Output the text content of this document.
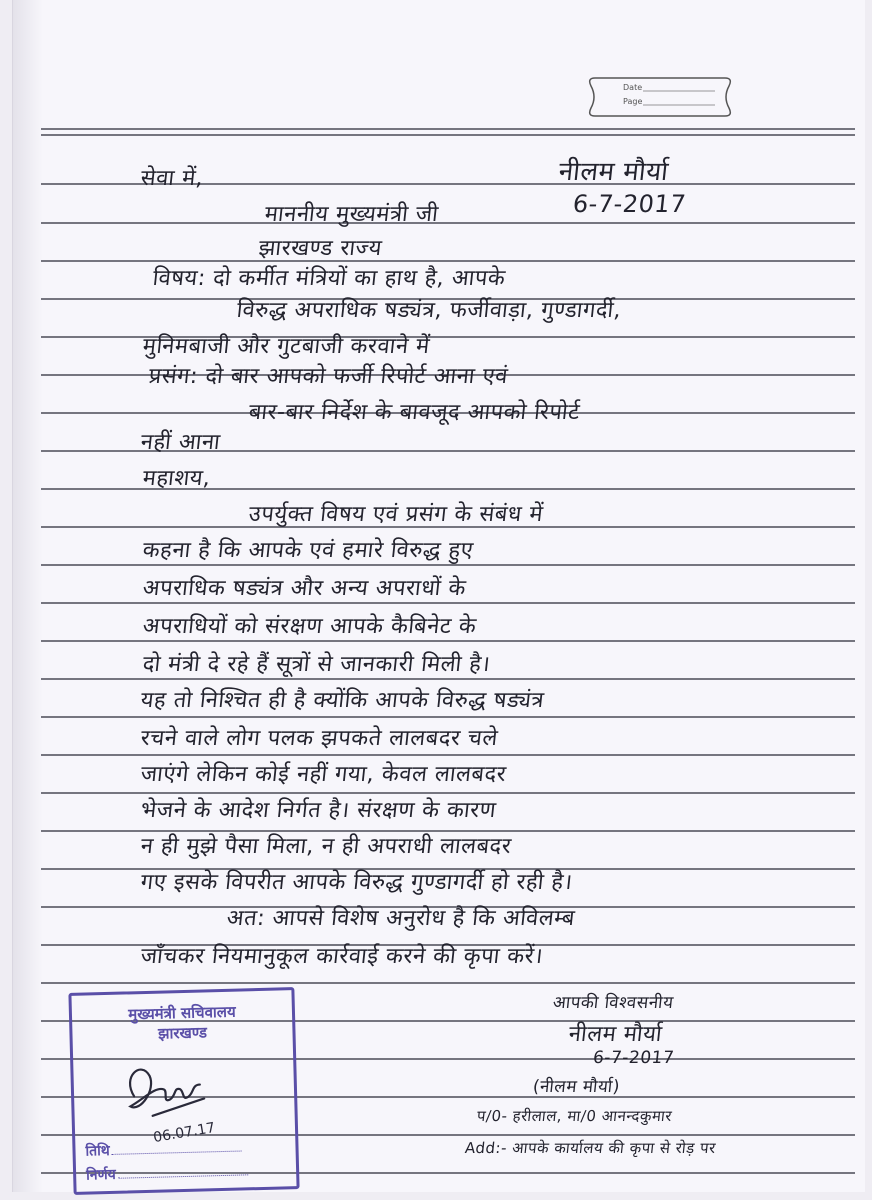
Date
Page
सेवा में,	नीलम मौर्या
6-7-2017
माननीय मुख्यमंत्री जी
झारखण्ड राज्य
विषय: दो कर्मीत मंत्रियों का हाथ है, आपके
विरुद्ध अपराधिक षड्यंत्र, फर्जीवाड़ा, गुण्डागर्दी,
मुनिमबाजी और गुटबाजी करवाने में
प्रसंग: दो बार आपको फर्जी रिपोर्ट आना एवं
बार-बार निर्देश के बावजूद आपको रिपोर्ट
नहीं आना
महाशय,
उपर्युक्त विषय एवं प्रसंग के संबंध में
कहना है कि आपके एवं हमारे विरुद्ध हुए
अपराधिक षड्यंत्र और अन्य अपराधों के
अपराधियों को संरक्षण आपके कैबिनेट के
दो मंत्री दे रहे हैं सूत्रों से जानकारी मिली है।
यह तो निश्चित ही है क्योंकि आपके विरुद्ध षड्यंत्र
रचने वाले लोग पलक झपकते लालबदर चले
जाएंगे लेकिन कोई नहीं गया, केवल लालबदर
भेजने के आदेश निर्गत है। संरक्षण के कारण
न ही मुझे पैसा मिला, न ही अपराधी लालबदर
गए इसके विपरीत आपके विरुद्ध गुण्डागर्दी हो रही है।
अत: आपसे विशेष अनुरोध है कि अविलम्ब
जाँचकर नियमानुकूल कार्रवाई करने की कृपा करें।
आपकी विश्वसनीय
नीलम मौर्या
6-7-2017
(नीलम मौर्या)
प/0- हरीलाल, मा/0 आनन्दकुमार
Add:- आपके कार्यालय की कृपा से रोड़ पर
मुख्यमंत्री सचिवालय
झारखण्ड
06.07.17
तिथि
निर्णय
